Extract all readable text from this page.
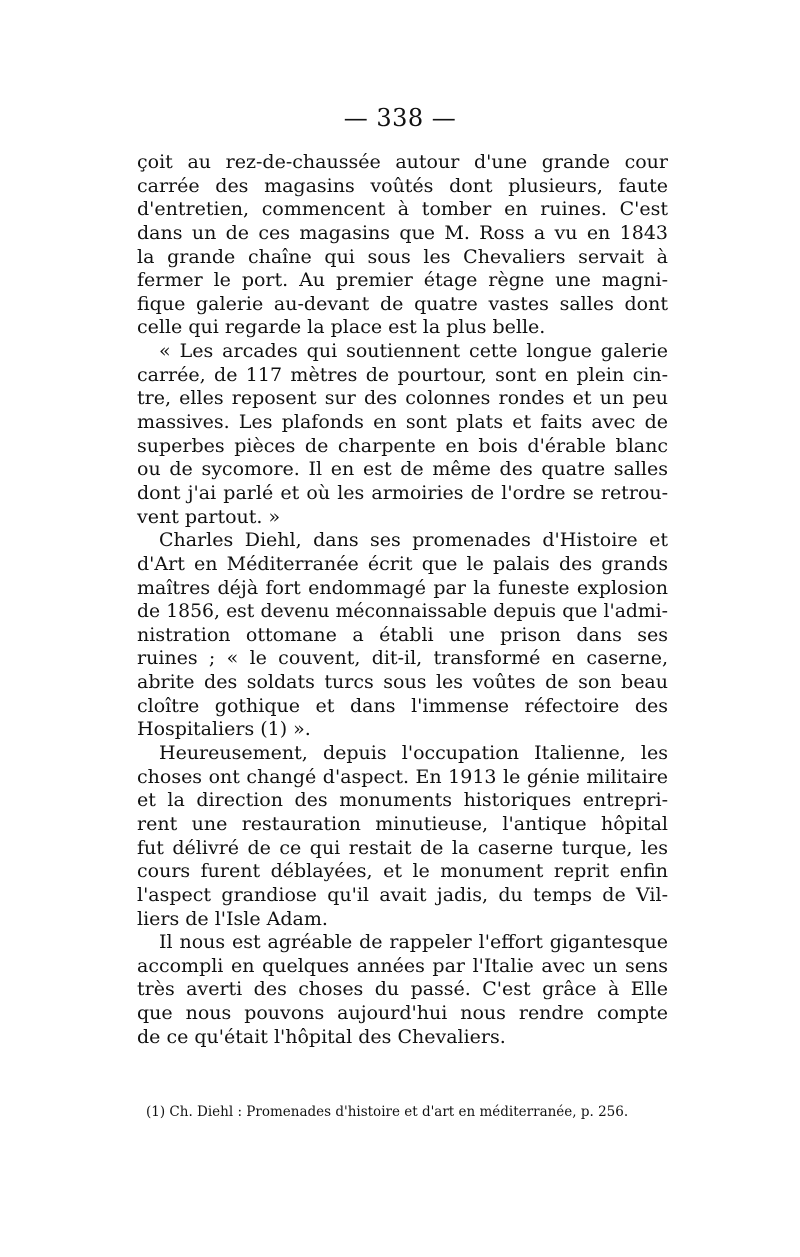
— 338 —
çoit au rez-de-chaussée autour d'une grande cour
carrée des magasins voûtés dont plusieurs, faute
d'entretien, commencent à tomber en ruines. C'est
dans un de ces magasins que M. Ross a vu en 1843
la grande chaîne qui sous les Chevaliers servait à
fermer le port. Au premier étage règne une magni-
fique galerie au-devant de quatre vastes salles dont
celle qui regarde la place est la plus belle.
« Les arcades qui soutiennent cette longue galerie
carrée, de 117 mètres de pourtour, sont en plein cin-
tre, elles reposent sur des colonnes rondes et un peu
massives. Les plafonds en sont plats et faits avec de
superbes pièces de charpente en bois d'érable blanc
ou de sycomore. Il en est de même des quatre salles
dont j'ai parlé et où les armoiries de l'ordre se retrou-
vent partout. »
Charles Diehl, dans ses promenades d'Histoire et
d'Art en Méditerranée écrit que le palais des grands
maîtres déjà fort endommagé par la funeste explosion
de 1856, est devenu méconnaissable depuis que l'admi-
nistration ottomane a établi une prison dans ses
ruines ; « le couvent, dit-il, transformé en caserne,
abrite des soldats turcs sous les voûtes de son beau
cloître gothique et dans l'immense réfectoire des
Hospitaliers (1) ».
Heureusement, depuis l'occupation Italienne, les
choses ont changé d'aspect. En 1913 le génie militaire
et la direction des monuments historiques entrepri-
rent une restauration minutieuse, l'antique hôpital
fut délivré de ce qui restait de la caserne turque, les
cours furent déblayées, et le monument reprit enfin
l'aspect grandiose qu'il avait jadis, du temps de Vil-
liers de l'Isle Adam.
Il nous est agréable de rappeler l'effort gigantesque
accompli en quelques années par l'Italie avec un sens
très averti des choses du passé. C'est grâce à Elle
que nous pouvons aujourd'hui nous rendre compte
de ce qu'était l'hôpital des Chevaliers.
(1) Ch. Diehl : Promenades d'histoire et d'art en méditerranée, p. 256.
